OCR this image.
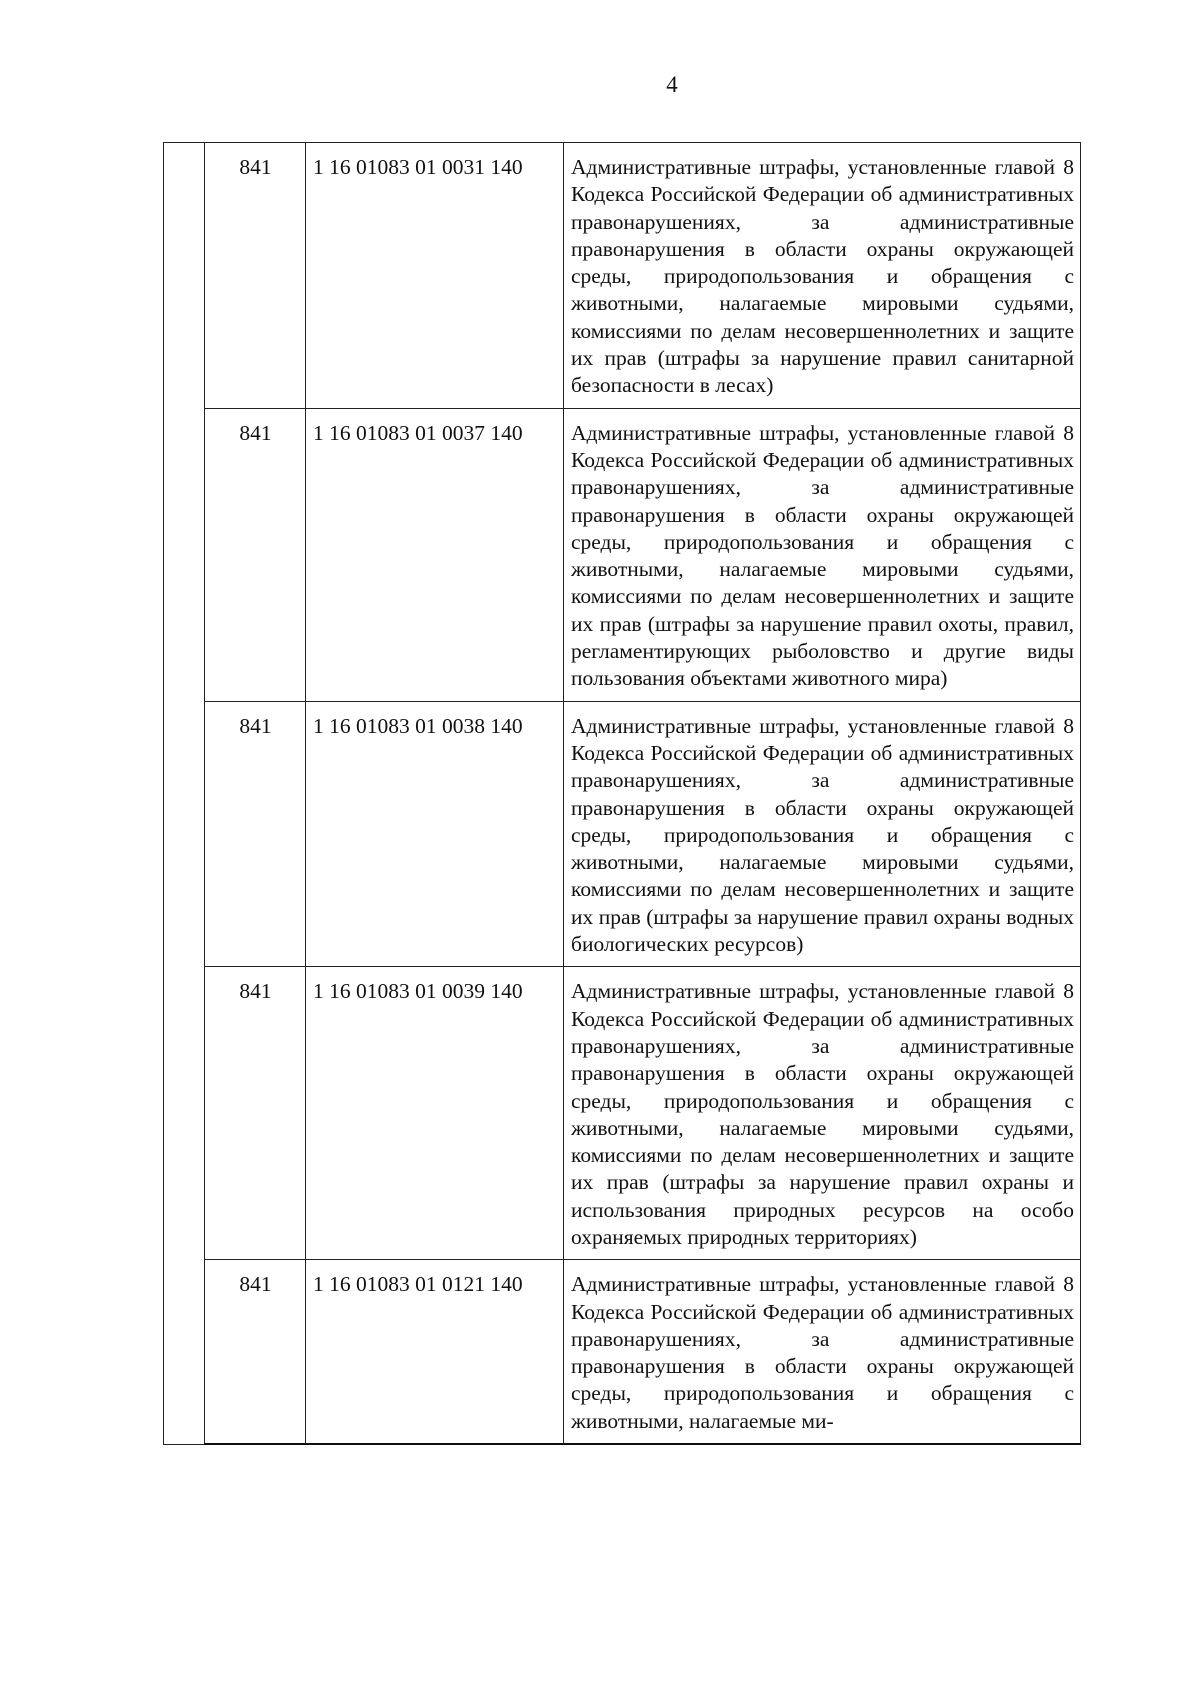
4
	841	1 16 01083 01 0031 140	Административные штрафы, установленные главой 8 Кодекса Российской Федерации об административных правонарушениях, за административные правонарушения в области охраны окружающей среды, природопользования и обращения с животными, налагаемые мировыми судьями, комиссиями по делам несовершеннолетних и защите их прав (штрафы за нарушение правил санитарной безопасности в лесах)
	841	1 16 01083 01 0037 140	Административные штрафы, установленные главой 8 Кодекса Российской Федерации об административных правонарушениях, за административные правонарушения в области охраны окружающей среды, природопользования и обращения с животными, налагаемые мировыми судьями, комиссиями по делам несовершеннолетних и защите их прав (штрафы за нарушение правил охоты, правил, регламентирующих рыболовство и другие виды пользования объектами животного мира)
	841	1 16 01083 01 0038 140	Административные штрафы, установленные главой 8 Кодекса Российской Федерации об административных правонарушениях, за административные правонарушения в области охраны окружающей среды, природопользования и обращения с животными, налагаемые мировыми судьями, комиссиями по делам несовершеннолетних и защите их прав (штрафы за нарушение правил охраны водных биологических ресурсов)
	841	1 16 01083 01 0039 140	Административные штрафы, установленные главой 8 Кодекса Российской Федерации об административных правонарушениях, за административные правонарушения в области охраны окружающей среды, природопользования и обращения с животными, налагаемые мировыми судьями, комиссиями по делам несовершеннолетних и защите их прав (штрафы за нарушение правил охраны и использования природных ресурсов на особо охраняемых природных территориях)
	841	1 16 01083 01 0121 140	Административные штрафы, установленные главой 8 Кодекса Российской Федерации об административных правонарушениях, за административные правонарушения в области охраны окружающей среды, природопользования и обращения с животными, налагаемые ми-
